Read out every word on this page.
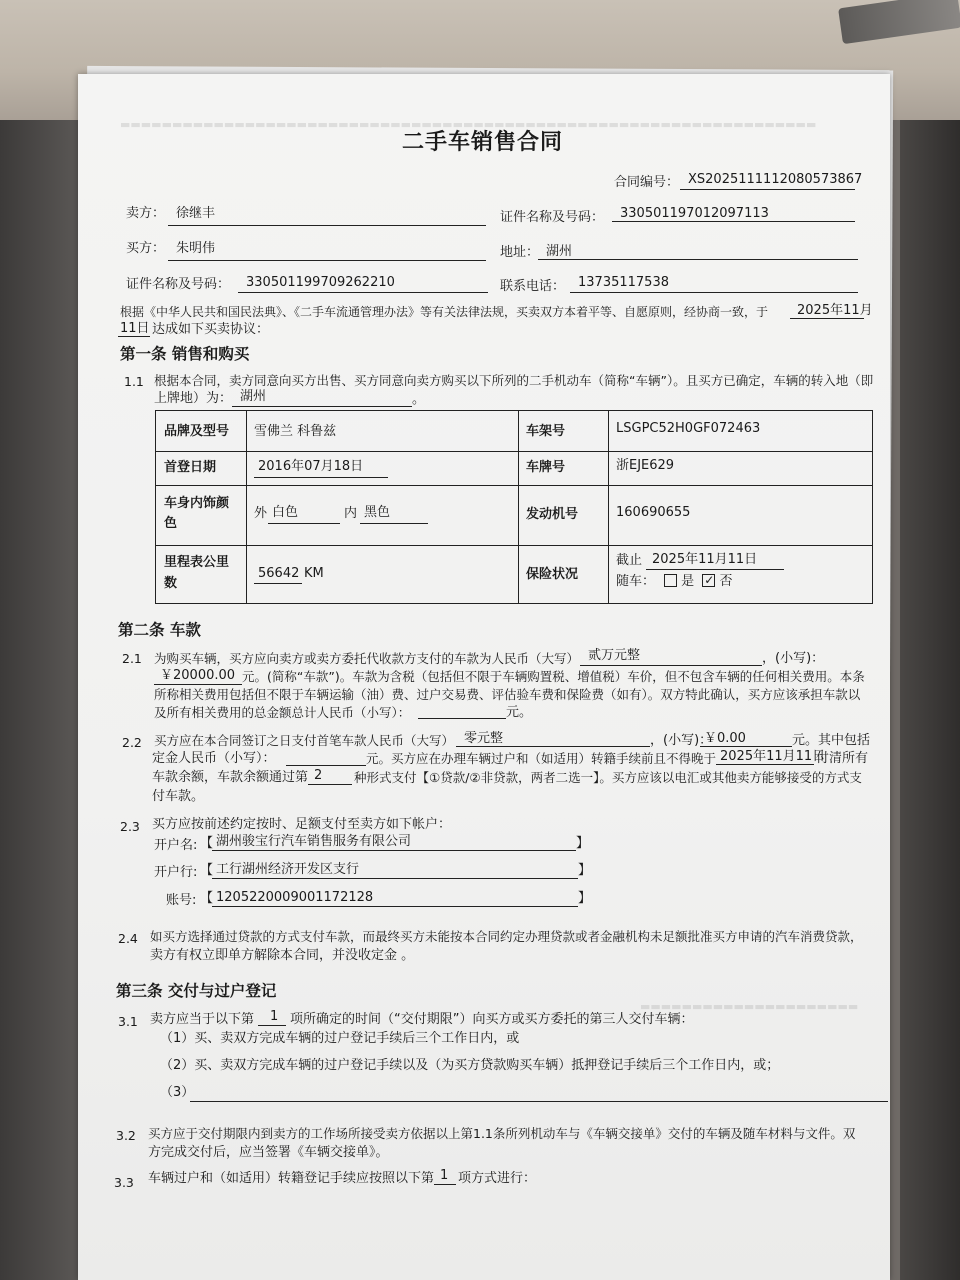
▬▬▬▬▬▬▬▬▬▬▬▬▬▬▬▬▬▬▬▬▬▬▬▬▬▬▬▬▬▬▬▬▬▬▬▬▬▬▬▬▬▬▬▬▬▬▬▬▬▬▬▬▬▬▬▬▬▬▬▬▬▬▬▬▬▬▬
▬▬▬▬▬▬▬▬▬▬▬▬▬▬▬▬▬▬▬▬▬
二手车销售合同
合同编号： XS2025111112080573867
卖方： 徐继丰	证件名称及号码： 330501197012097113
买方： 朱明伟	地址： 湖州
证件名称及号码： 330501199709262210	联系电话： 13735117538
根据《中华人民共和国民法典》、《二手车流通管理办法》等有关法律法规，买卖双方本着平等、自愿原则，经协商一致，于 2025年11月
11日 达成如下买卖协议：
第一条 销售和购买
1.1 根据本合同，卖方同意向买方出售、买方同意向卖方购买以下所列的二手机动车（简称“车辆”）。且买方已确定，车辆的转入地（即
上牌地）为： 湖州	。
品牌及型号 雪佛兰 科鲁兹	车架号	LSGPC52H0GF072463
首登日期	2016年07月18日	车牌号	浙EJE629
车身内饰颜
色
外 白色	内 黑色	发动机号	160690655
里程表公里
数
56642 KM	保险状况
截止 2025年11月11日
随车：	是 ✓ 否
第二条 车款
2.1 为购买车辆，买方应向卖方或卖方委托代收款方支付的车款为人民币（大写） 贰万元整	，(小写)：
￥20000.00 元。(简称“车款”)。车款为含税（包括但不限于车辆购置税、增值税）车价，但不包含车辆的任何相关费用。本条
所称相关费用包括但不限于车辆运输（油）费、过户交易费、评估验车费和保险费（如有）。双方特此确认，买方应该承担车款以
及所有相关费用的总金额总计人民币（小写）：	元。
2.2 买方应在本合同签订之日支付首笔车款人民币（大写） 零元整	，(小写)：
￥0.00	元。其中包括
定金人民币（小写）：	元。买方应在办理车辆过户和（如适用）转籍手续前且不得晚于 2025年11月11日
付清所有
车款余额，车款余额通过第 2	种形式支付【①贷款/②非贷款，两者二选一】。买方应该以电汇或其他卖方能够接受的方式支
付车款。
2.3 买方应按前述约定按时、足额支付至卖方如下帐户：
开户名: 【 湖州骏宝行汽车销售服务有限公司	】
开户行: 【 工行湖州经济开发区支行	】
账号: 【 1205220009001172128	】
2.4 如买方选择通过贷款的方式支付车款，而最终买方未能按本合同约定办理贷款或者金融机构未足额批准买方申请的汽车消费贷款，
卖方有权立即单方解除本合同，并没收定金 。
第三条 交付与过户登记
3.1 卖方应当于以下第 1 项所确定的时间（“交付期限”）向买方或买方委托的第三人交付车辆：
（1）买、卖双方完成车辆的过户登记手续后三个工作日内，或
（2）买、卖双方完成车辆的过户登记手续以及（为买方贷款购买车辆）抵押登记手续后三个工作日内，或；
（3）
3.2 买方应于交付期限内到卖方的工作场所接受卖方依据以上第1.1条所列机动车与《车辆交接单》交付的车辆及随车材料与文件。双
方完成交付后，应当签署《车辆交接单》。
3.3 车辆过户和（如适用）转籍登记手续应按照以下第 1 项方式进行：
